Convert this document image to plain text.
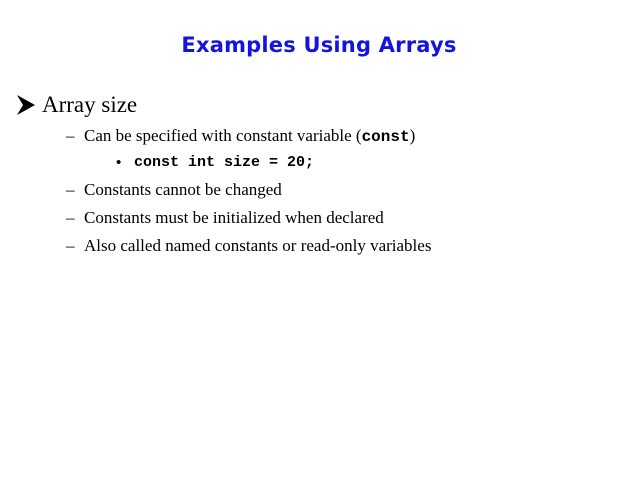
Examples Using Arrays
Array size
– Can be specified with constant variable (const)
• const int size = 20;
– Constants cannot be changed
– Constants must be initialized when declared
– Also called named constants or read-only variables
